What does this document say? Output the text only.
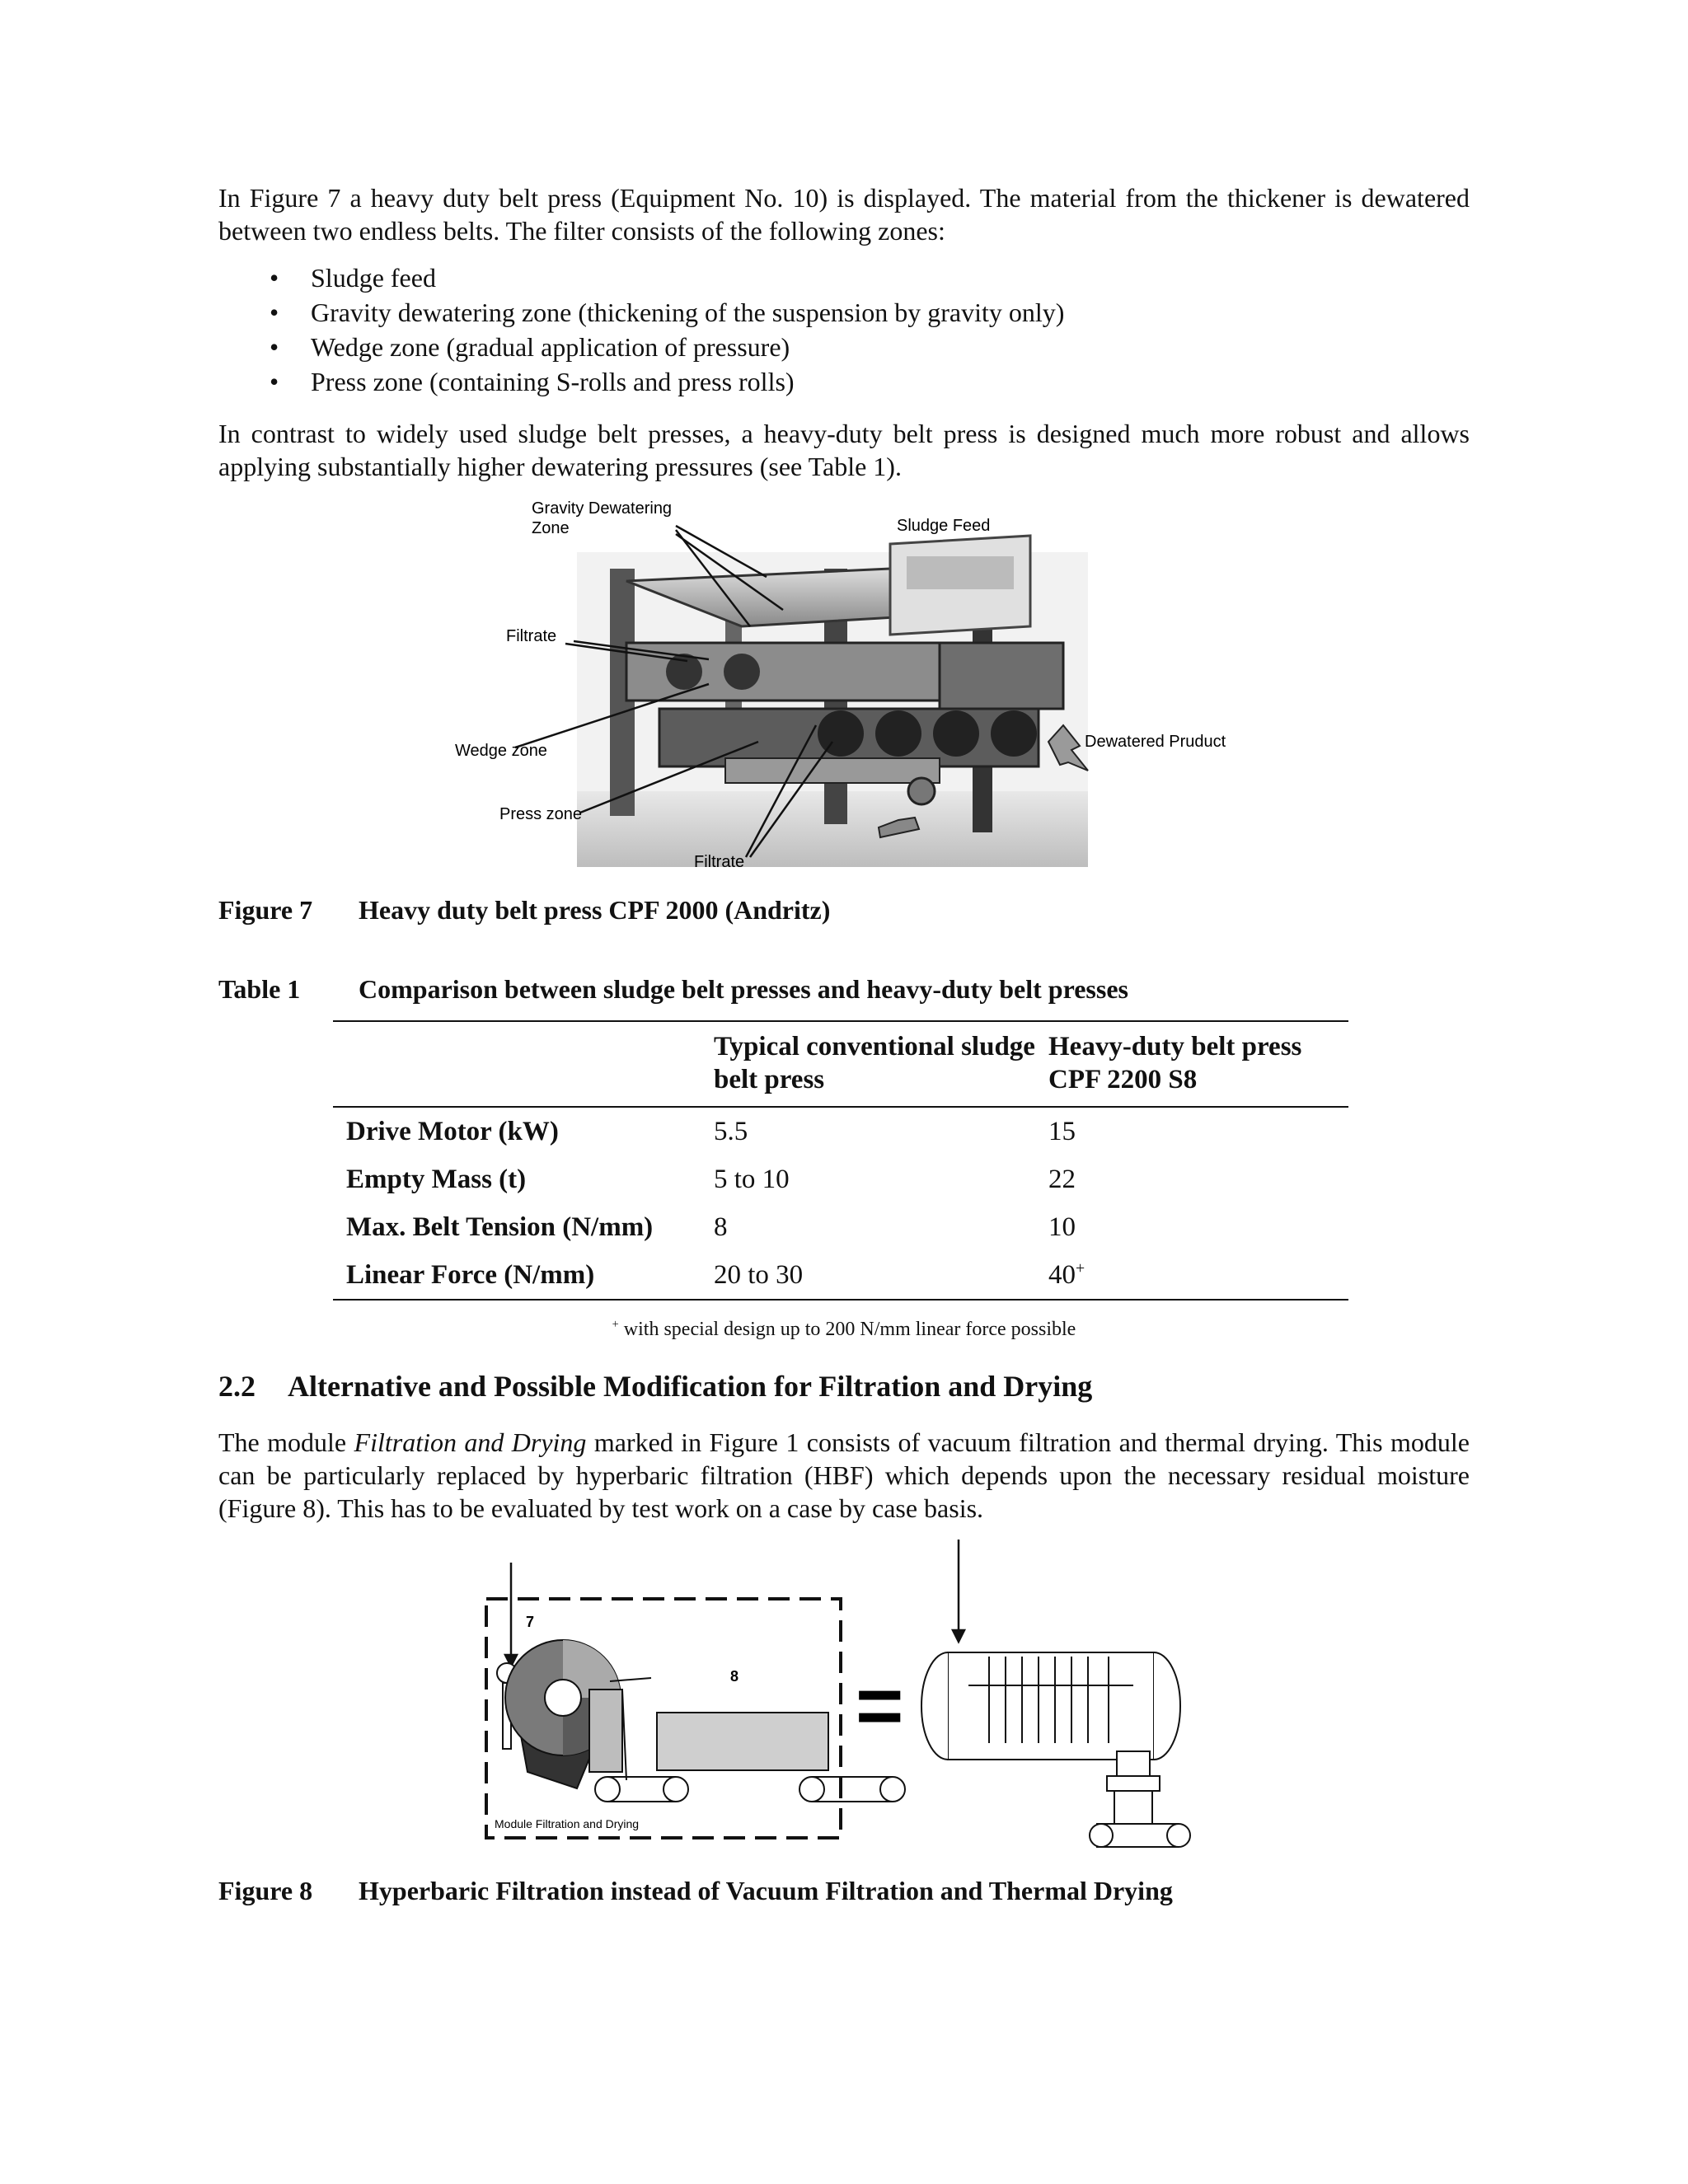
In Figure 7 a heavy duty belt press (Equipment No. 10) is displayed. The material from the thickener is dewatered between two endless belts. The filter consists of the following zones:

• Sludge feed
• Gravity dewatering zone (thickening of the suspension by gravity only)
• Wedge zone (gradual application of pressure)
• Press zone (containing S-rolls and press rolls)

In contrast to widely used sludge belt presses, a heavy-duty belt press is designed much more robust and allows applying substantially higher dewatering pressures (see Table 1).

Gravity Dewatering
Zone	Sludge Feed
Filtrate
Dewatered Pruduct
Wedge zone
Press zone
Filtrate
Figure 7 Heavy duty belt press CPF 2000 (Andritz)
Table 1 Comparison between sludge belt presses and heavy-duty belt presses
	Typical conventional sludge belt press	Heavy-duty belt press
CPF 2200 S8

Drive Motor (kW)	5.5	15
Empty Mass (t)	5 to 10	22
Max. Belt Tension (N/mm)	8	10
Linear Force (N/mm)	20 to 30	40+
+ with special design up to 200 N/mm linear force possible
2.2 Alternative and Possible Modification for Filtration and Drying

The module Filtration and Drying marked in Figure 1 consists of vacuum filtration and thermal drying. This module can be particularly replaced by hyperbaric filtration (HBF) which depends upon the necessary residual moisture (Figure 8). This has to be evaluated by test work on a case by case basis.

7
8 =
Module Filtration and Drying
Figure 8 Hyperbaric Filtration instead of Vacuum Filtration and Thermal Drying
